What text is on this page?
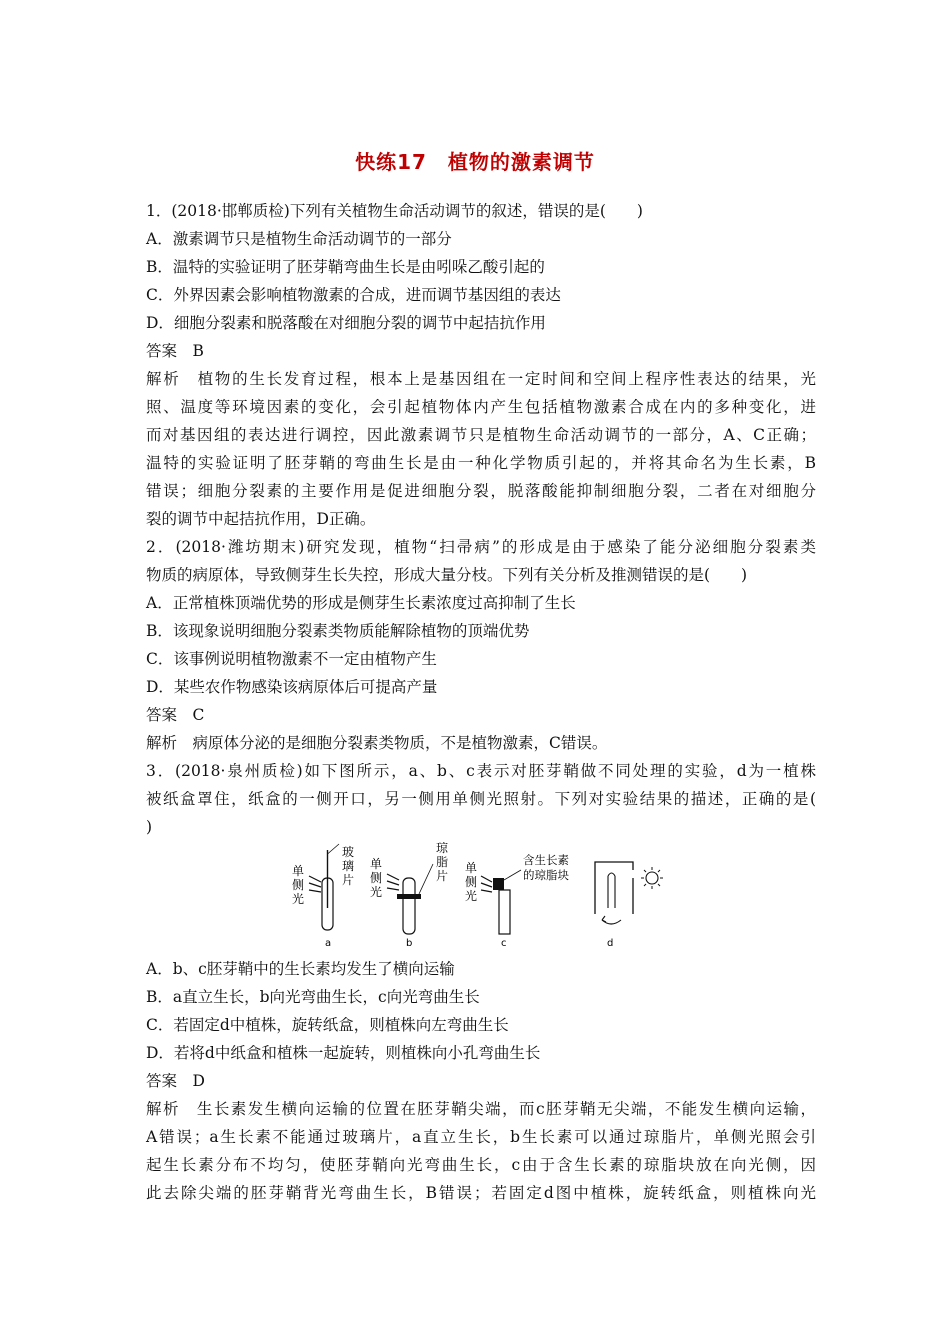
快练17　植物的激素调节
1．(2018·邯郸质检)下列有关植物生命活动调节的叙述，错误的是(　　)
A．激素调节只是植物生命活动调节的一部分
B．温特的实验证明了胚芽鞘弯曲生长是由吲哚乙酸引起的
C．外界因素会影响植物激素的合成，进而调节基因组的表达
D．细胞分裂素和脱落酸在对细胞分裂的调节中起拮抗作用
答案　B
解析　植物的生长发育过程，根本上是基因组在一定时间和空间上程序性表达的结果，光
照、温度等环境因素的变化，会引起植物体内产生包括植物激素合成在内的多种变化，进
而对基因组的表达进行调控，因此激素调节只是植物生命活动调节的一部分，A、C正确；
温特的实验证明了胚芽鞘的弯曲生长是由一种化学物质引起的，并将其命名为生长素，B
错误；细胞分裂素的主要作用是促进细胞分裂，脱落酸能抑制细胞分裂，二者在对细胞分
裂的调节中起拮抗作用，D正确。
2．(2018·潍坊期末)研究发现，植物“扫帚病”的形成是由于感染了能分泌细胞分裂素类
物质的病原体，导致侧芽生长失控，形成大量分枝。下列有关分析及推测错误的是(　　)
A．正常植株顶端优势的形成是侧芽生长素浓度过高抑制了生长
B．该现象说明细胞分裂素类物质能解除植物的顶端优势
C．该事例说明植物激素不一定由植物产生
D．某些农作物感染该病原体后可提高产量
答案　C
解析　病原体分泌的是细胞分裂素类物质，不是植物激素，C错误。
3．(2018·泉州质检)如下图所示，a、b、c表示对胚芽鞘做不同处理的实验，d为一植株
被纸盒罩住，纸盒的一侧开口，另一侧用单侧光照射。下列对实验结果的描述，正确的是(
)
单
侧
光
玻
璃
片
a
单
侧
光
琼
脂
片
b
单
侧
光
含生长素
的琼脂块
c	d
A．b、c胚芽鞘中的生长素均发生了横向运输
B．a直立生长，b向光弯曲生长，c向光弯曲生长
C．若固定d中植株，旋转纸盒，则植株向左弯曲生长
D．若将d中纸盒和植株一起旋转，则植株向小孔弯曲生长
答案　D
解析　生长素发生横向运输的位置在胚芽鞘尖端，而c胚芽鞘无尖端，不能发生横向运输，
A错误；a生长素不能通过玻璃片，a直立生长，b生长素可以通过琼脂片，单侧光照会引
起生长素分布不均匀，使胚芽鞘向光弯曲生长，c由于含生长素的琼脂块放在向光侧，因
此去除尖端的胚芽鞘背光弯曲生长，B错误；若固定d图中植株，旋转纸盒，则植株向光
